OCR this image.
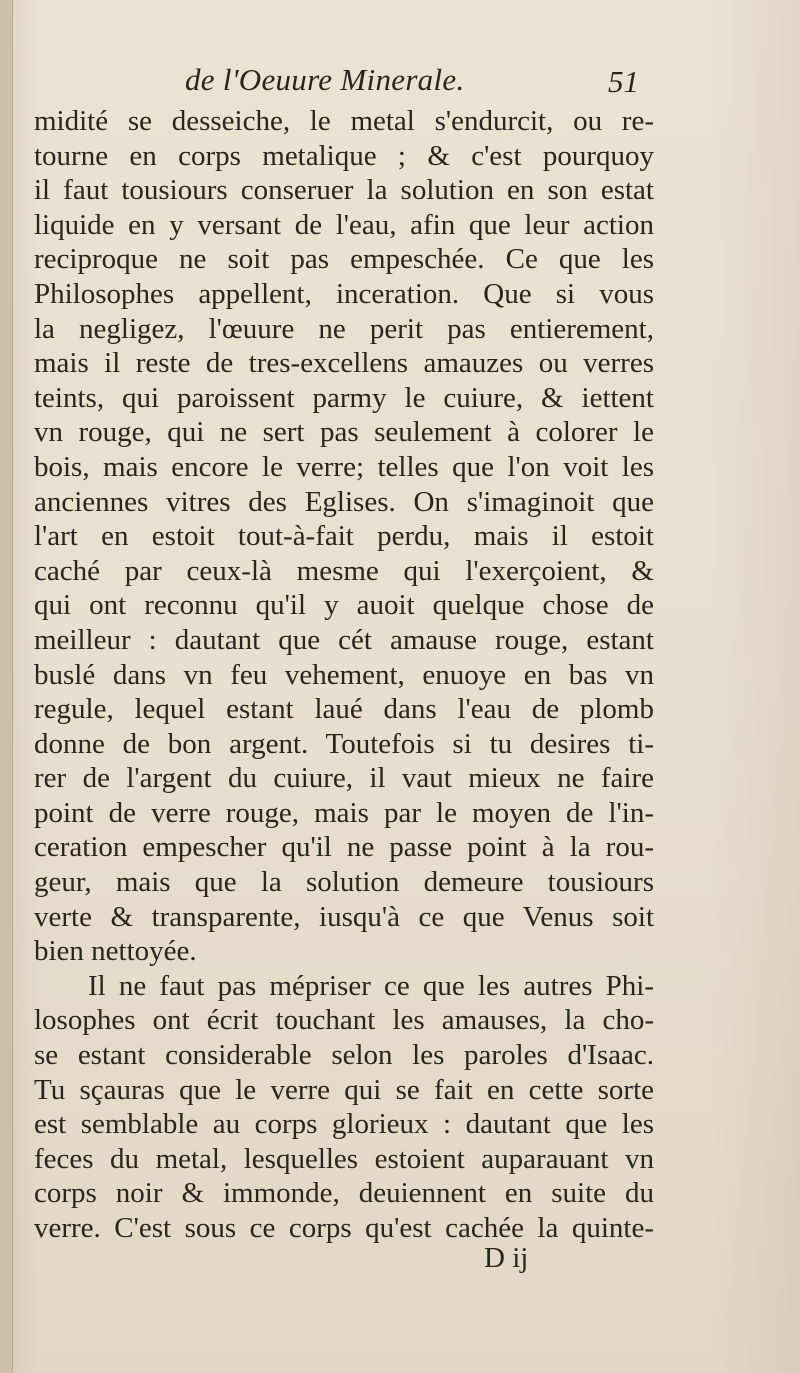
de l'Oeuure Minerale.	51
midité se desseiche, le metal s'endurcit, ou re-
tourne en corps metalique ; & c'est pourquoy
il faut tousiours conseruer la solution en son estat
liquide en y versant de l'eau, afin que leur action
reciproque ne soit pas empeschée. Ce que les
Philosophes appellent, inceration. Que si vous
la negligez, l'œuure ne perit pas entierement,
mais il reste de tres-excellens amauzes ou verres
teints, qui paroissent parmy le cuiure, & iettent
vn rouge, qui ne sert pas seulement à colorer le
bois, mais encore le verre; telles que l'on voit les
anciennes vitres des Eglises. On s'imaginoit que
l'art en estoit tout-à-fait perdu, mais il estoit
caché par ceux-là mesme qui l'exerçoient, &
qui ont reconnu qu'il y auoit quelque chose de
meilleur : dautant que cét amause rouge, estant
buslé dans vn feu vehement, enuoye en bas vn
regule, lequel estant laué dans l'eau de plomb
donne de bon argent. Toutefois si tu desires ti-
rer de l'argent du cuiure, il vaut mieux ne faire
point de verre rouge, mais par le moyen de l'in-
ceration empescher qu'il ne passe point à la rou-
geur, mais que la solution demeure tousiours
verte & transparente, iusqu'à ce que Venus soit
bien nettoyée.
Il ne faut pas mépriser ce que les autres Phi-
losophes ont écrit touchant les amauses, la cho-
se estant considerable selon les paroles d'Isaac.
Tu sçauras que le verre qui se fait en cette sorte
est semblable au corps glorieux : dautant que les
feces du metal, lesquelles estoient auparauant vn
corps noir & immonde, deuiennent en suite du
verre. C'est sous ce corps qu'est cachée la quinte-
D ij
